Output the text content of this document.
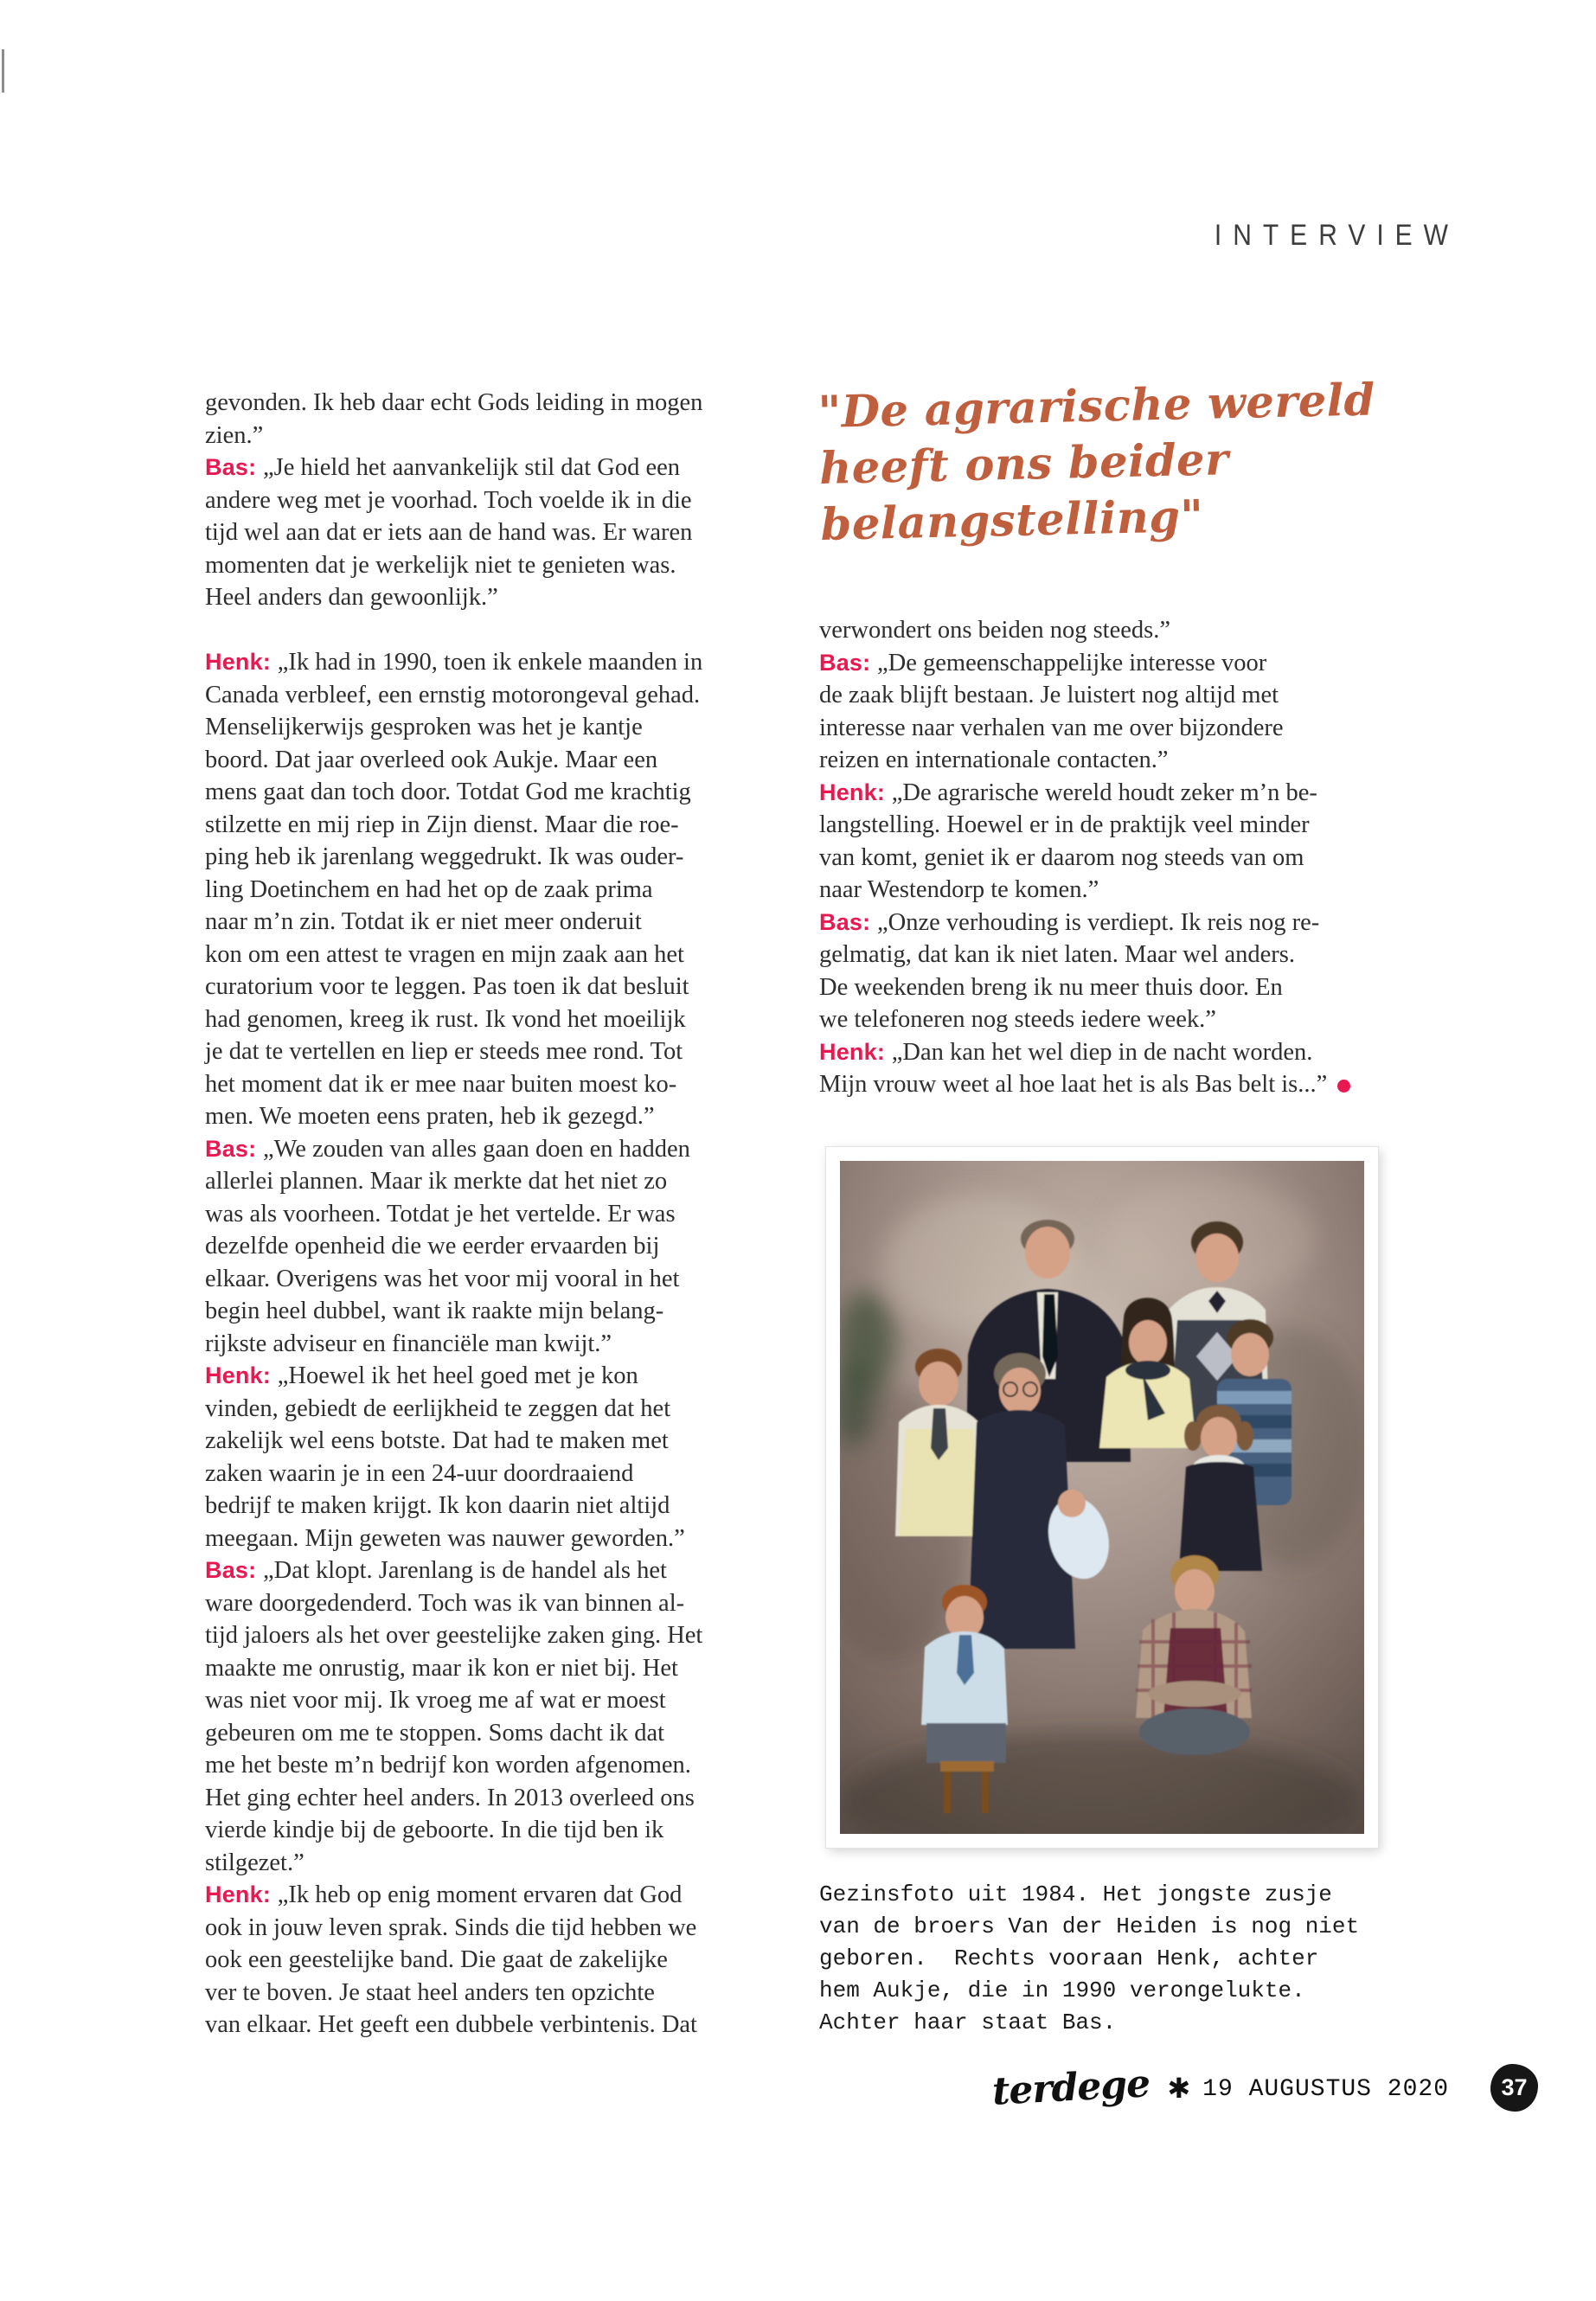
INTERVIEW
"De agrarische wereld
heeft ons beider
belangstelling"
gevonden. Ik heb daar echt Gods leiding in mogen
zien.”
Bas: „Je hield het aanvankelijk stil dat God een
andere weg met je voorhad. Toch voelde ik in die
tijd wel aan dat er iets aan de hand was. Er waren
momenten dat je werkelijk niet te genieten was.
Heel anders dan gewoonlijk.”
Henk: „Ik had in 1990, toen ik enkele maanden in
Canada verbleef, een ernstig motorongeval gehad.
Menselijkerwijs gesproken was het je kantje
boord. Dat jaar overleed ook Aukje. Maar een
mens gaat dan toch door. Totdat God me krachtig
stilzette en mij riep in Zijn dienst. Maar die roe-
ping heb ik jarenlang weggedrukt. Ik was ouder-
ling Doetinchem en had het op de zaak prima
naar m’n zin. Totdat ik er niet meer onderuit
kon om een attest te vragen en mijn zaak aan het
curatorium voor te leggen. Pas toen ik dat besluit
had genomen, kreeg ik rust. Ik vond het moeilijk
je dat te vertellen en liep er steeds mee rond. Tot
het moment dat ik er mee naar buiten moest ko-
men. We moeten eens praten, heb ik gezegd.”
Bas: „We zouden van alles gaan doen en hadden
allerlei plannen. Maar ik merkte dat het niet zo
was als voorheen. Totdat je het vertelde. Er was
dezelfde openheid die we eerder ervaarden bij
elkaar. Overigens was het voor mij vooral in het
begin heel dubbel, want ik raakte mijn belang-
rijkste adviseur en financiële man kwijt.”
Henk: „Hoewel ik het heel goed met je kon
vinden, gebiedt de eerlijkheid te zeggen dat het
zakelijk wel eens botste. Dat had te maken met
zaken waarin je in een 24-uur doordraaiend
bedrijf te maken krijgt. Ik kon daarin niet altijd
meegaan. Mijn geweten was nauwer geworden.”
Bas: „Dat klopt. Jarenlang is de handel als het
ware doorgedenderd. Toch was ik van binnen al-
tijd jaloers als het over geestelijke zaken ging. Het
maakte me onrustig, maar ik kon er niet bij. Het
was niet voor mij. Ik vroeg me af wat er moest
gebeuren om me te stoppen. Soms dacht ik dat
me het beste m’n bedrijf kon worden afgenomen.
Het ging echter heel anders. In 2013 overleed ons
vierde kindje bij de geboorte. In die tijd ben ik
stilgezet.”
Henk: „Ik heb op enig moment ervaren dat God
ook in jouw leven sprak. Sinds die tijd hebben we
ook een geestelijke band. Die gaat de zakelijke
ver te boven. Je staat heel anders ten opzichte
van elkaar. Het geeft een dubbele verbintenis. Dat
verwondert ons beiden nog steeds.”
Bas: „De gemeenschappelijke interesse voor
de zaak blijft bestaan. Je luistert nog altijd met
interesse naar verhalen van me over bijzondere
reizen en internationale contacten.”
Henk: „De agrarische wereld houdt zeker m’n be-
langstelling. Hoewel er in de praktijk veel minder
van komt, geniet ik er daarom nog steeds van om
naar Westendorp te komen.”
Bas: „Onze verhouding is verdiept. Ik reis nog re-
gelmatig, dat kan ik niet laten. Maar wel anders.
De weekenden breng ik nu meer thuis door. En
we telefoneren nog steeds iedere week.”
Henk: „Dan kan het wel diep in de nacht worden.
Mijn vrouw weet al hoe laat het is als Bas belt is...”
Gezinsfoto uit 1984. Het jongste zusje
van de broers Van der Heiden is nog niet
geboren.  Rechts vooraan Henk, achter
hem Aukje, die in 1990 verongelukte.
Achter haar staat Bas.
terdege ✱ 19 AUGUSTUS 2020	37
